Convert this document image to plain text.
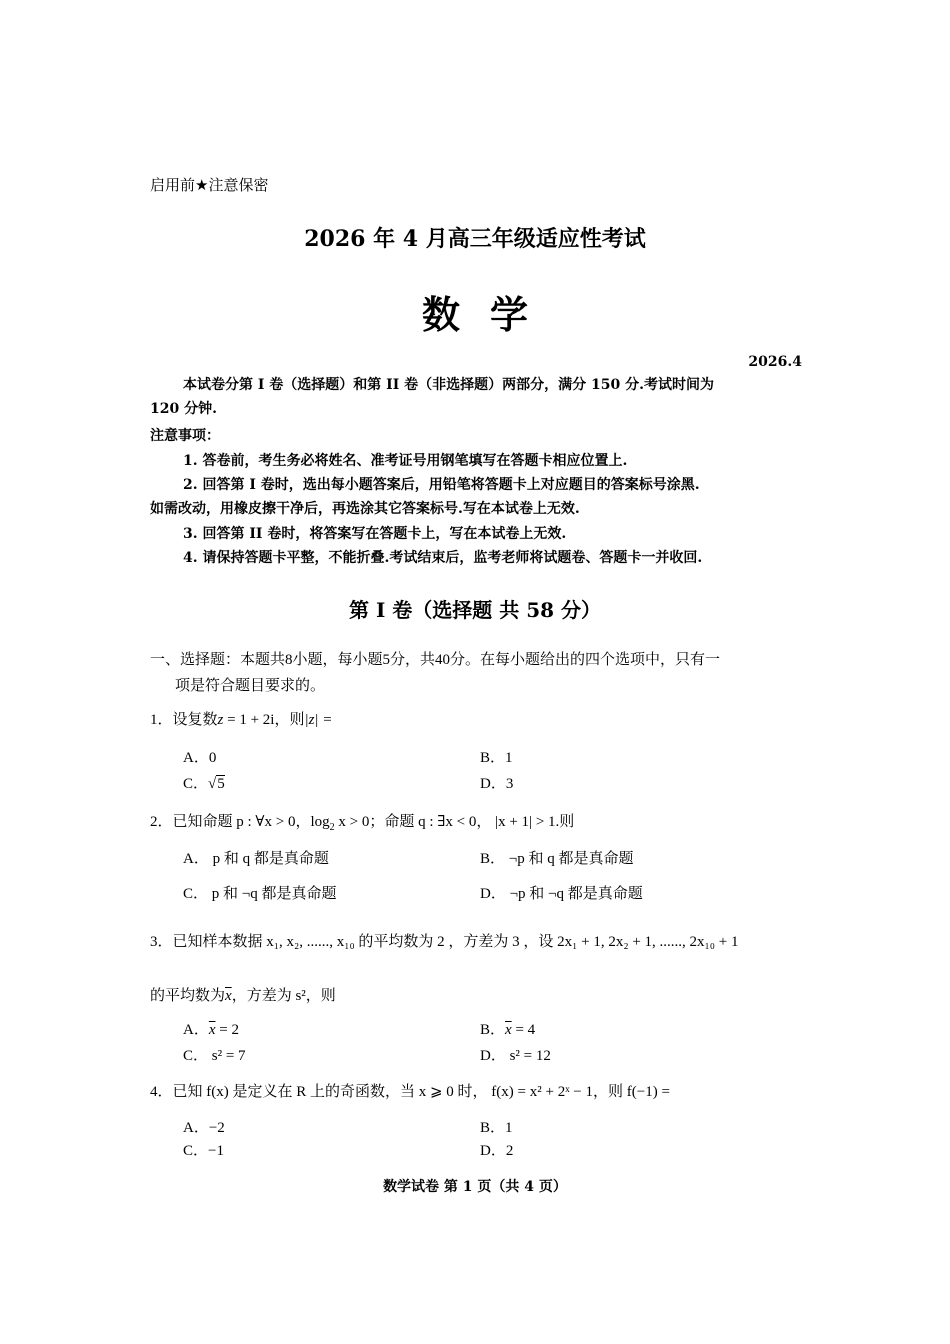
启用前★注意保密
2026 年 4 月高三年级适应性考试
数学
2026.4
本试卷分第 I 卷（选择题）和第 II 卷（非选择题）两部分，满分 150 分.考试时间为
120 分钟.
注意事项：
1. 答卷前，考生务必将姓名、准考证号用钢笔填写在答题卡相应位置上.
2. 回答第 I 卷时，选出每小题答案后，用铅笔将答题卡上对应题目的答案标号涂黑.
如需改动，用橡皮擦干净后，再选涂其它答案标号.写在本试卷上无效.
3. 回答第 II 卷时，将答案写在答题卡上，写在本试卷上无效.
4. 请保持答题卡平整，不能折叠.考试结束后，监考老师将试题卷、答题卡一并收回.
第 I 卷（选择题 共 58 分）
一、选择题：本题共8小题，每小题5分，共40分。在每小题给出的四个选项中，只有一
项是符合题目要求的。
1．设复数z = 1 + 2i，则|z| =
A．0	B．1
C．√5	D．3
2．已知命题 p : ∀x > 0，$\log_2 x > 0$；命题 q : ∃x < 0， |x + 1| > 1.则
A． p 和 q 都是真命题	B． ¬p 和 q 都是真命题
C． p 和 ¬q 都是真命题	D． ¬p 和 ¬q 都是真命题
3．已知样本数据 x₁, x₂, ......, x₁₀ 的平均数为 2 ，方差为 3 ，设 2x₁ + 1, 2x₂ + 1, ......, 2x₁₀ + 1
的平均数为$\overline{x}$，方差为 s²，则
A．$\overline{x} = 2$	B．$\overline{x} = 4$
C． s² = 7	D． s² = 12
4．已知 f(x) 是定义在 R 上的奇函数，当 x ⩾ 0 时， f(x) = x² + 2ˣ − 1，则 f(−1) =
A．−2	B．1
C．−1	D．2
数学试卷 第 1 页（共 4 页）
